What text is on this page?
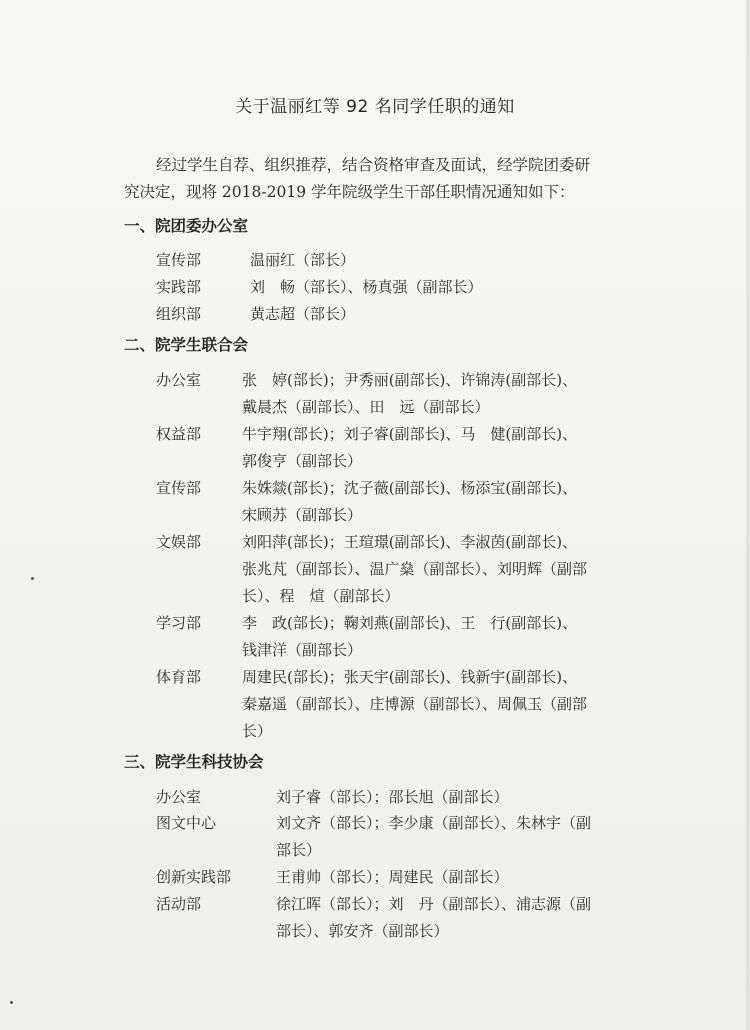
关于温丽红等 92 名同学任职的通知
经过学生自荐、组织推荐，结合资格审查及面试，经学院团委研
究决定，现将 2018-2019 学年院级学生干部任职情况通知如下：
一、院团委办公室
宣传部	温丽红（部长）
实践部	刘　畅（部长）、杨真强（副部长）
组织部	黄志超（部长）
二、院学生联合会
办公室	张　婷(部长)；尹秀丽(副部长)、许锦涛(副部长)、
戴晨杰（副部长）、田　远（副部长）
权益部	牛宇翔(部长)；刘子睿(副部长)、马　健(副部长)、
郭俊亨（副部长）
宣传部	朱姝燚(部长)；沈子薇(副部长)、杨添宝(副部长)、
宋顾苏（副部长）
文娱部	刘阳萍(部长)；王瑄璟(副部长)、李淑茵(副部长)、
张兆芃（副部长）、温广燊（副部长）、刘明辉（副部
长）、程　煊（副部长）
学习部	李　政(部长)；鞠刘燕(副部长)、王　行(副部长)、
钱津洋（副部长）
体育部	周建民(部长)；张天宇(副部长)、钱新宇(副部长)、
秦嘉遥（副部长）、庄博源（副部长）、周佩玉（副部
长）
三、院学生科技协会
办公室	刘子睿（部长）；邵长旭（副部长）
图文中心	刘文齐（部长）；李少康（副部长）、朱林宇（副
部长）
创新实践部	王甫帅（部长）；周建民（副部长）
活动部	徐江晖（部长）；刘　丹（副部长）、浦志源（副
部长）、郭安齐（副部长）
